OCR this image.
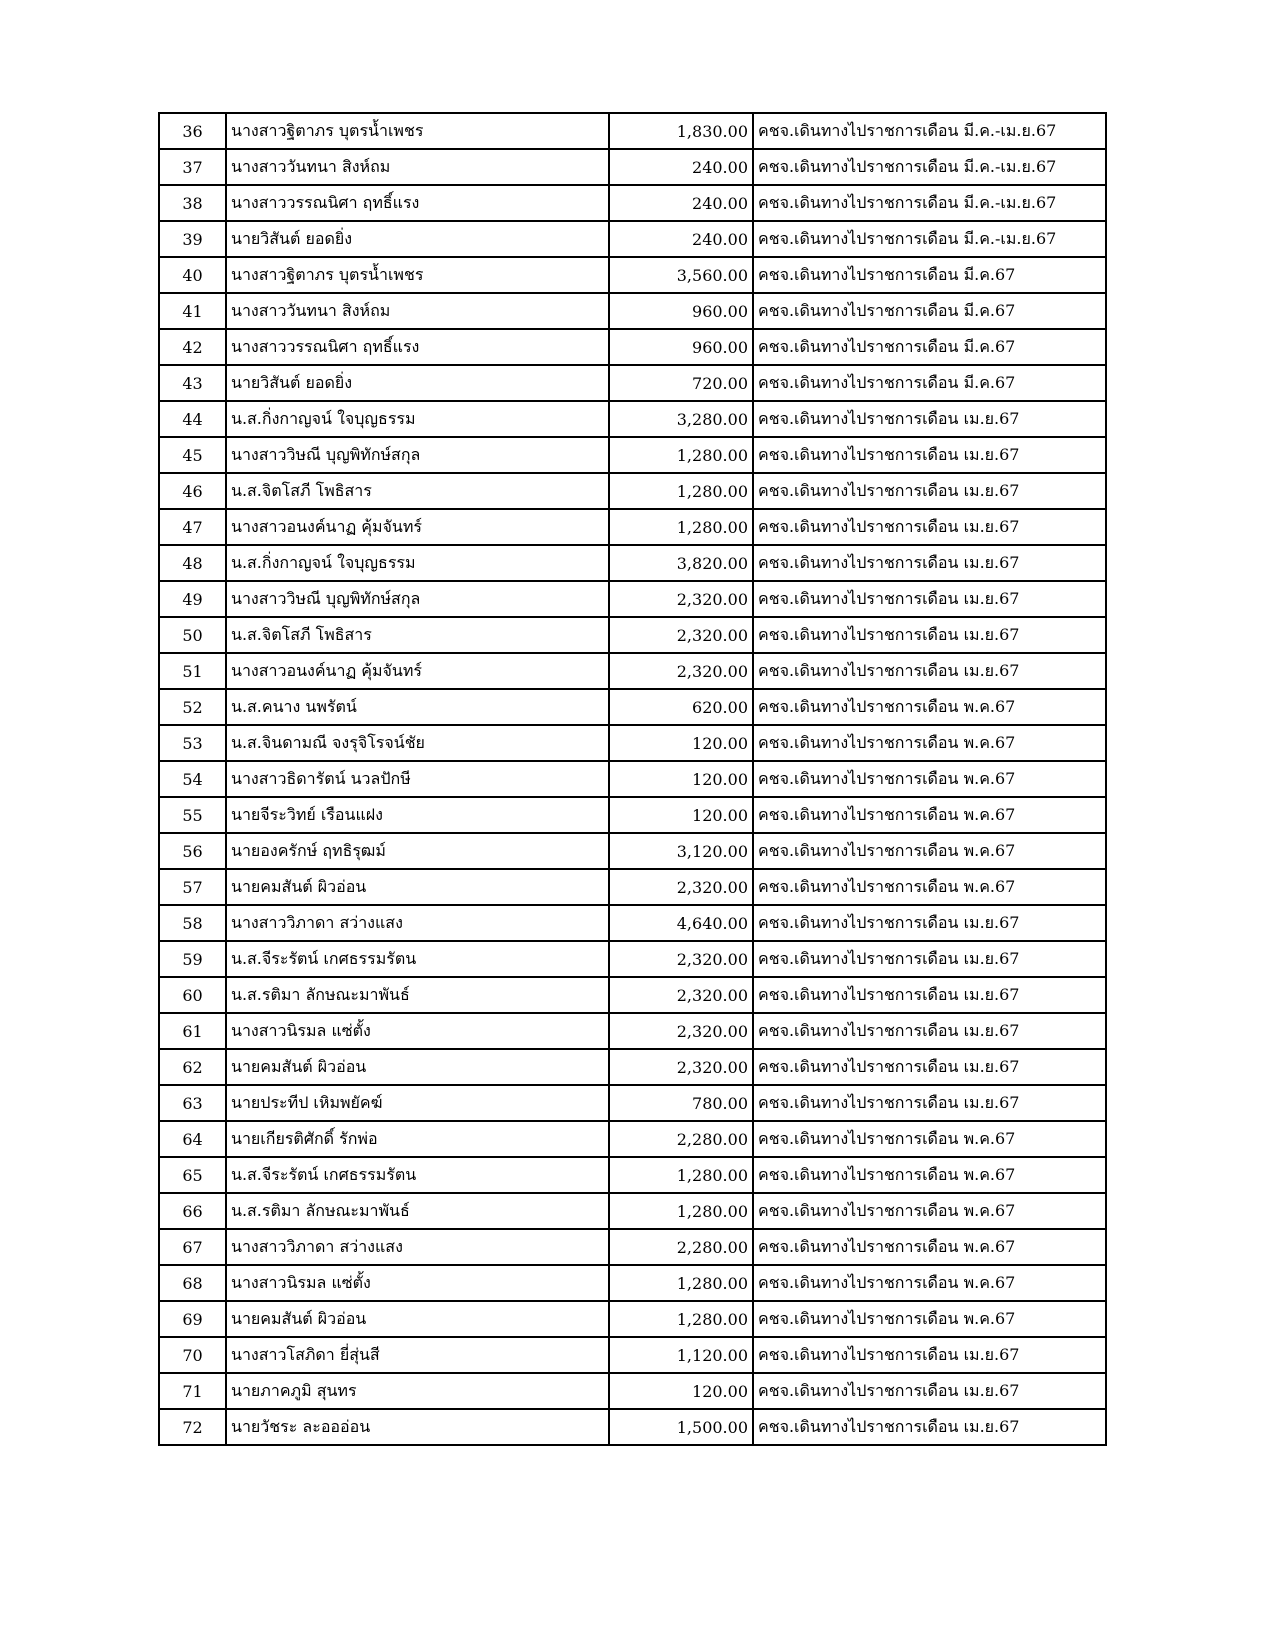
36	นางสาวฐิตาภร บุตรน้ำเพชร	1,830.00	คชจ.เดินทางไปราชการเดือน มี.ค.-เม.ย.67
37	นางสาววันทนา สิงห์ถม	240.00	คชจ.เดินทางไปราชการเดือน มี.ค.-เม.ย.67
38	นางสาววรรณนิศา ฤทธิ์แรง	240.00	คชจ.เดินทางไปราชการเดือน มี.ค.-เม.ย.67
39	นายวิสันต์ ยอดยิ่ง	240.00	คชจ.เดินทางไปราชการเดือน มี.ค.-เม.ย.67
40	นางสาวฐิตาภร บุตรน้ำเพชร	3,560.00	คชจ.เดินทางไปราชการเดือน มี.ค.67
41	นางสาววันทนา สิงห์ถม	960.00	คชจ.เดินทางไปราชการเดือน มี.ค.67
42	นางสาววรรณนิศา ฤทธิ์แรง	960.00	คชจ.เดินทางไปราชการเดือน มี.ค.67
43	นายวิสันต์ ยอดยิ่ง	720.00	คชจ.เดินทางไปราชการเดือน มี.ค.67
44	น.ส.กิ่งกาญจน์ ใจบุญธรรม	3,280.00	คชจ.เดินทางไปราชการเดือน เม.ย.67
45	นางสาววิษณี บุญพิทักษ์สกุล	1,280.00	คชจ.เดินทางไปราชการเดือน เม.ย.67
46	น.ส.จิตโสภี โพธิสาร	1,280.00	คชจ.เดินทางไปราชการเดือน เม.ย.67
47	นางสาวอนงค์นาฏ คุ้มจันทร์	1,280.00	คชจ.เดินทางไปราชการเดือน เม.ย.67
48	น.ส.กิ่งกาญจน์ ใจบุญธรรม	3,820.00	คชจ.เดินทางไปราชการเดือน เม.ย.67
49	นางสาววิษณี บุญพิทักษ์สกุล	2,320.00	คชจ.เดินทางไปราชการเดือน เม.ย.67
50	น.ส.จิตโสภี โพธิสาร	2,320.00	คชจ.เดินทางไปราชการเดือน เม.ย.67
51	นางสาวอนงค์นาฏ คุ้มจันทร์	2,320.00	คชจ.เดินทางไปราชการเดือน เม.ย.67
52	น.ส.คนาง นพรัตน์	620.00	คชจ.เดินทางไปราชการเดือน พ.ค.67
53	น.ส.จินดามณี จงรุจิโรจน์ชัย	120.00	คชจ.เดินทางไปราชการเดือน พ.ค.67
54	นางสาวธิดารัตน์ นวลปักษี	120.00	คชจ.เดินทางไปราชการเดือน พ.ค.67
55	นายจีระวิทย์ เรือนแฝง	120.00	คชจ.เดินทางไปราชการเดือน พ.ค.67
56	นายองครักษ์ ฤทธิรุฒม์	3,120.00	คชจ.เดินทางไปราชการเดือน พ.ค.67
57	นายคมสันต์ ผิวอ่อน	2,320.00	คชจ.เดินทางไปราชการเดือน พ.ค.67
58	นางสาววิภาดา สว่างแสง	4,640.00	คชจ.เดินทางไปราชการเดือน เม.ย.67
59	น.ส.จีระรัตน์ เกศธรรมรัตน	2,320.00	คชจ.เดินทางไปราชการเดือน เม.ย.67
60	น.ส.รติมา ลักษณะมาพันธ์	2,320.00	คชจ.เดินทางไปราชการเดือน เม.ย.67
61	นางสาวนิรมล แซ่ตั้ง	2,320.00	คชจ.เดินทางไปราชการเดือน เม.ย.67
62	นายคมสันต์ ผิวอ่อน	2,320.00	คชจ.เดินทางไปราชการเดือน เม.ย.67
63	นายประทีป เหิมพยัคฆ์	780.00	คชจ.เดินทางไปราชการเดือน เม.ย.67
64	นายเกียรติศักดิ์ รักพ่อ	2,280.00	คชจ.เดินทางไปราชการเดือน พ.ค.67
65	น.ส.จีระรัตน์ เกศธรรมรัตน	1,280.00	คชจ.เดินทางไปราชการเดือน พ.ค.67
66	น.ส.รติมา ลักษณะมาพันธ์	1,280.00	คชจ.เดินทางไปราชการเดือน พ.ค.67
67	นางสาววิภาดา สว่างแสง	2,280.00	คชจ.เดินทางไปราชการเดือน พ.ค.67
68	นางสาวนิรมล แซ่ตั้ง	1,280.00	คชจ.เดินทางไปราชการเดือน พ.ค.67
69	นายคมสันต์ ผิวอ่อน	1,280.00	คชจ.เดินทางไปราชการเดือน พ.ค.67
70	นางสาวโสภิดา ยี่สุ่นสี	1,120.00	คชจ.เดินทางไปราชการเดือน เม.ย.67
71	นายภาคภูมิ สุนทร	120.00	คชจ.เดินทางไปราชการเดือน เม.ย.67
72	นายวัชระ ละอออ่อน	1,500.00	คชจ.เดินทางไปราชการเดือน เม.ย.67
